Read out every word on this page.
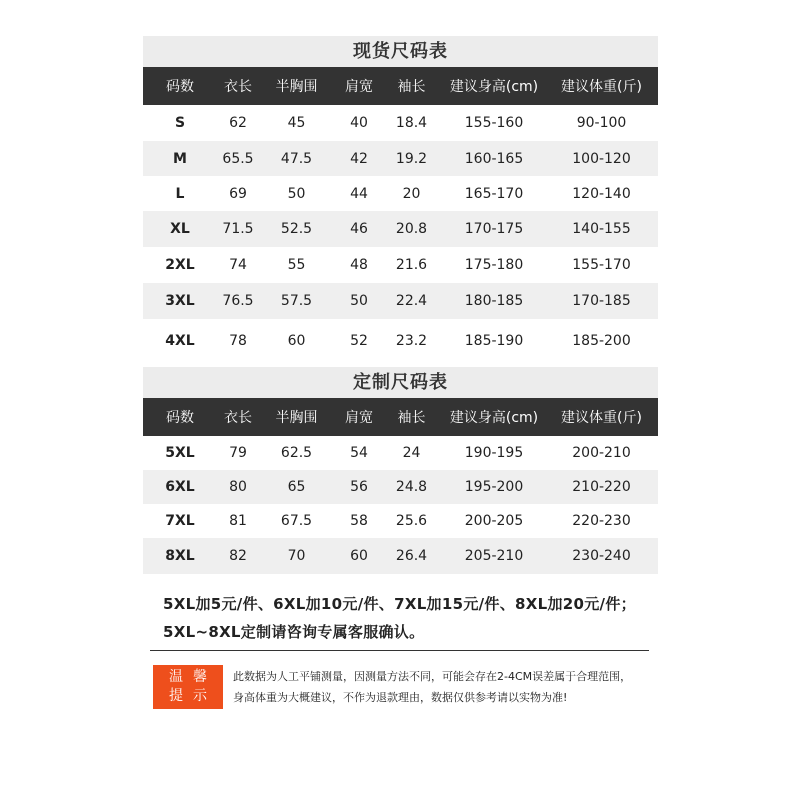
现货尺码表
码数	衣长	半胸围	肩宽	袖长	建议身高(cm)	建议体重(斤)
S	62	45	40	18.4	155-160	90-100
M	65.5	47.5	42	19.2	160-165	100-120
L	69	50	44	20	165-170	120-140
XL	71.5	52.5	46	20.8	170-175	140-155
2XL	74	55	48	21.6	175-180	155-170
3XL	76.5	57.5	50	22.4	180-185	170-185
4XL	78	60	52	23.2	185-190	185-200
定制尺码表
码数	衣长	半胸围	肩宽	袖长	建议身高(cm)	建议体重(斤)
5XL	79	62.5	54	24	190-195	200-210
6XL	80	65	56	24.8	195-200	210-220
7XL	81	67.5	58	25.6	200-205	220-230
8XL	82	70	60	26.4	205-210	230-240
5XL加5元/件、6XL加10元/件、7XL加15元/件、8XL加20元/件；
5XL~8XL定制请咨询专属客服确认。
温馨
提示
此数据为人工平铺测量，因测量方法不同，可能会存在2-4CM误差属于合理范围，
身高体重为大概建议，不作为退款理由，数据仅供参考请以实物为准!
